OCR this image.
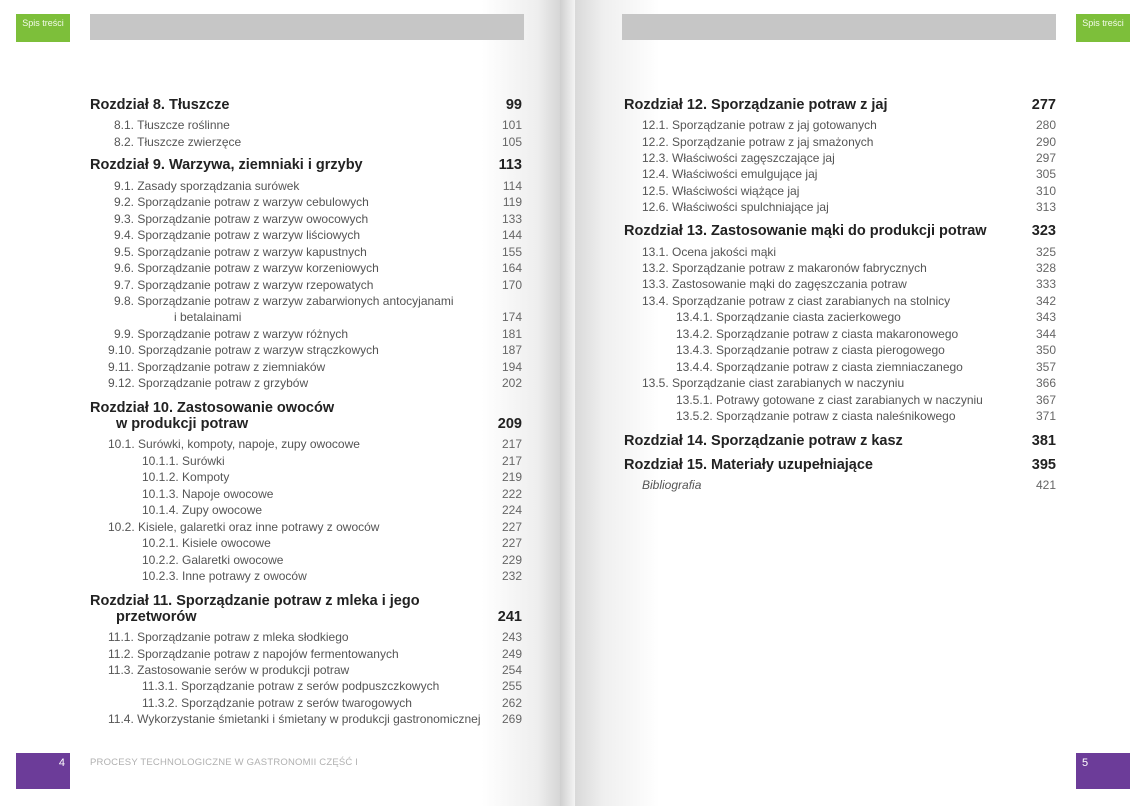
Spis treści	Spis treści
4	PROCESY TECHNOLOGICZNE W GASTRONOMII CZĘŚĆ I	5
Rozdział 8. Tłuszcze	99
8.1. Tłuszcze roślinne	101
8.2. Tłuszcze zwierzęce	105
Rozdział 9. Warzywa, ziemniaki i grzyby	113
9.1. Zasady sporządzania surówek	114
9.2. Sporządzanie potraw z warzyw cebulowych	119
9.3. Sporządzanie potraw z warzyw owocowych	133
9.4. Sporządzanie potraw z warzyw liściowych	144
9.5. Sporządzanie potraw z warzyw kapustnych	155
9.6. Sporządzanie potraw z warzyw korzeniowych	164
9.7. Sporządzanie potraw z warzyw rzepowatych	170
9.8. Sporządzanie potraw z warzyw zabarwionych antocyjanami
i betalainami	174
9.9. Sporządzanie potraw z warzyw różnych	181
9.10. Sporządzanie potraw z warzyw strączkowych	187
9.11. Sporządzanie potraw z ziemniaków	194
9.12. Sporządzanie potraw z grzybów	202
Rozdział 10. Zastosowanie owoców
w produkcji potraw	209
10.1. Surówki, kompoty, napoje, zupy owocowe	217
10.1.1. Surówki	217
10.1.2. Kompoty	219
10.1.3. Napoje owocowe	222
10.1.4. Zupy owocowe	224
10.2. Kisiele, galaretki oraz inne potrawy z owoców	227
10.2.1. Kisiele owocowe	227
10.2.2. Galaretki owocowe	229
10.2.3. Inne potrawy z owoców	232
Rozdział 11. Sporządzanie potraw z mleka i jego
przetworów	241
11.1. Sporządzanie potraw z mleka słodkiego	243
11.2. Sporządzanie potraw z napojów fermentowanych	249
11.3. Zastosowanie serów w produkcji potraw	254
11.3.1. Sporządzanie potraw z serów podpuszczkowych	255
11.3.2. Sporządzanie potraw z serów twarogowych	262
11.4. Wykorzystanie śmietanki i śmietany w produkcji gastronomicznej 269
Rozdział 12. Sporządzanie potraw z jaj	277
12.1. Sporządzanie potraw z jaj gotowanych	280
12.2. Sporządzanie potraw z jaj smażonych	290
12.3. Właściwości zagęszczające jaj	297
12.4. Właściwości emulgujące jaj	305
12.5. Właściwości wiążące jaj	310
12.6. Właściwości spulchniające jaj	313
Rozdział 13. Zastosowanie mąki do produkcji potraw	323
13.1. Ocena jakości mąki	325
13.2. Sporządzanie potraw z makaronów fabrycznych	328
13.3. Zastosowanie mąki do zagęszczania potraw	333
13.4. Sporządzanie potraw z ciast zarabianych na stolnicy	342
13.4.1. Sporządzanie ciasta zacierkowego	343
13.4.2. Sporządzanie potraw z ciasta makaronowego	344
13.4.3. Sporządzanie potraw z ciasta pierogowego	350
13.4.4. Sporządzanie potraw z ciasta ziemniaczanego	357
13.5. Sporządzanie ciast zarabianych w naczyniu	366
13.5.1. Potrawy gotowane z ciast zarabianych w naczyniu	367
13.5.2. Sporządzanie potraw z ciasta naleśnikowego	371
Rozdział 14. Sporządzanie potraw z kasz	381
Rozdział 15. Materiały uzupełniające	395
Bibliografia	421
